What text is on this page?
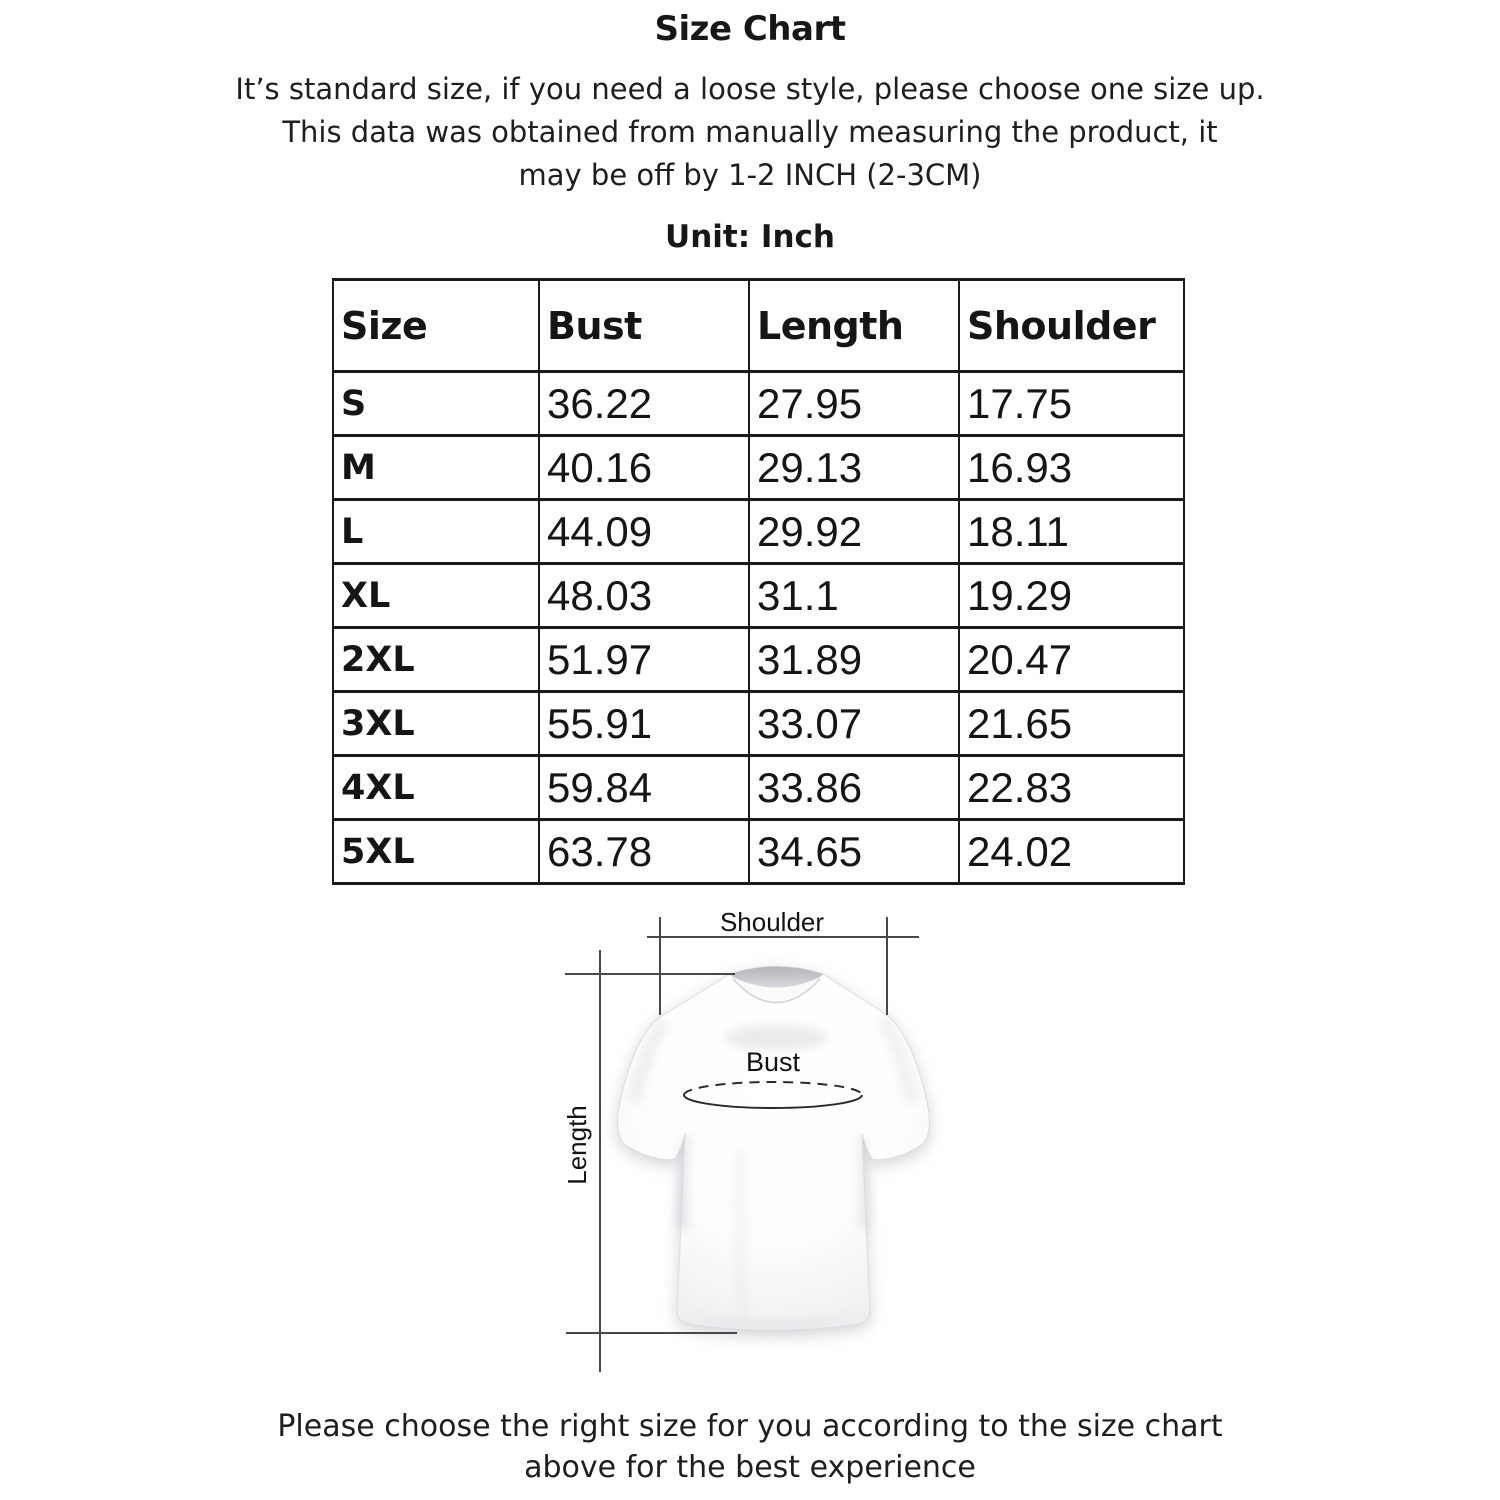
Size Chart
It’s standard size, if you need a loose style, please choose one size up.
This data was obtained from manually measuring the product, it
may be off by 1-2 INCH (2-3CM)
Unit: Inch
Size	Bust	Length	Shoulder
S	36.22	27.95	17.75
M	40.16	29.13	16.93
L	44.09	29.92	18.11
XL	48.03	31.1	19.29
2XL	51.97	31.89	20.47
3XL	55.91	33.07	21.65
4XL	59.84	33.86	22.83
5XL	63.78	34.65	24.02
Shoulder
Bust
Length
Please choose the right size for you according to the size chart
above for the best experience
